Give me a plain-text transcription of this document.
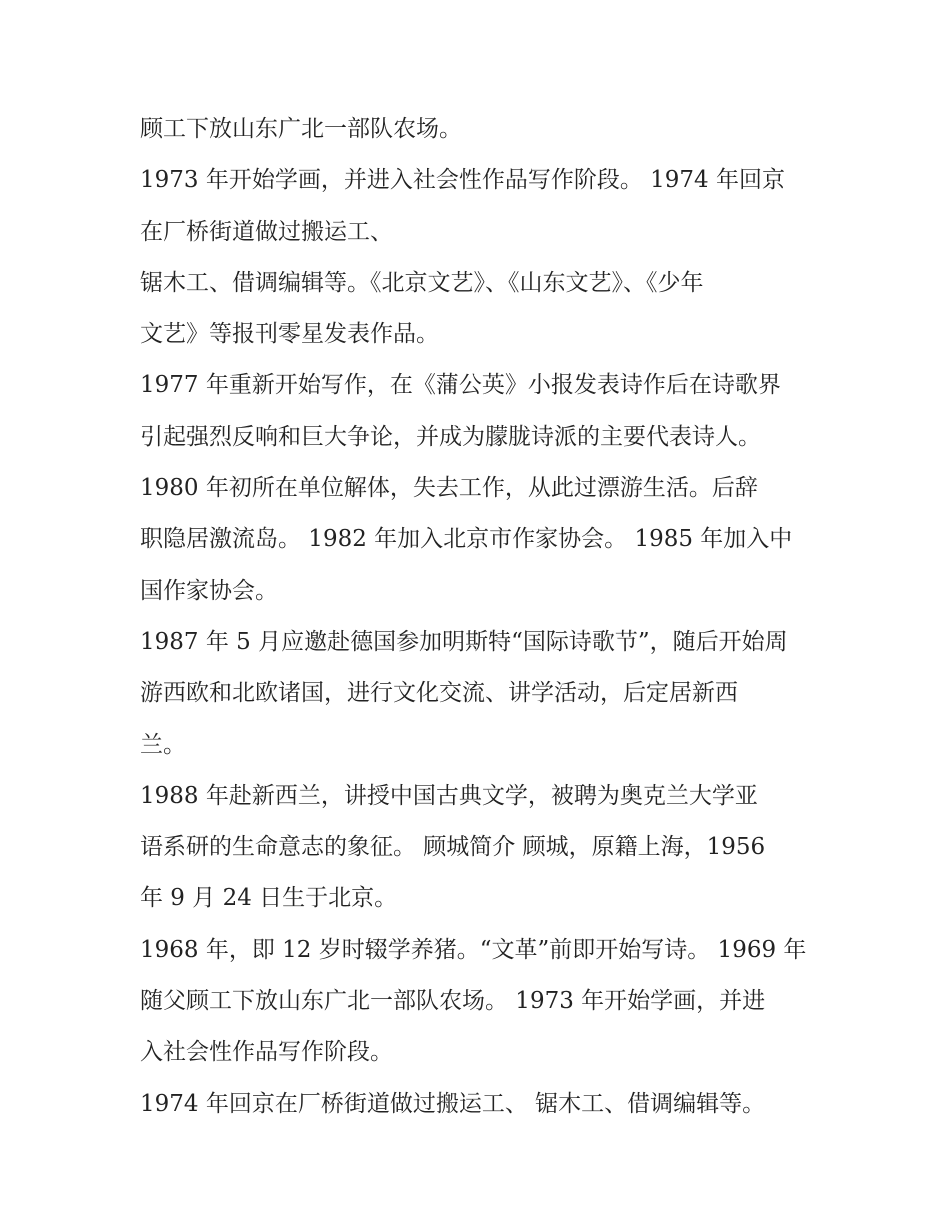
顾工下放山东广北一部队农场。
1973 年开始学画，并进入社会性作品写作阶段。 1974 年回京
在厂桥街道做过搬运工、
锯木工、借调编辑等。《北京文艺》、《山东文艺》、《少年
文艺》等报刊零星发表作品。
1977 年重新开始写作，在《蒲公英》小报发表诗作后在诗歌界
引起强烈反响和巨大争论，并成为朦胧诗派的主要代表诗人。
1980 年初所在单位解体，失去工作，从此过漂游生活。后辞
职隐居激流岛。 1982 年加入北京市作家协会。 1985 年加入中
国作家协会。
1987 年 5 月应邀赴德国参加明斯特“国际诗歌节”，随后开始周
游西欧和北欧诸国，进行文化交流、讲学活动，后定居新西
兰。
1988 年赴新西兰，讲授中国古典文学，被聘为奥克兰大学亚
语系研的生命意志的象征。 顾城简介 顾城，原籍上海，1956
年 9 月 24 日生于北京。
1968 年，即 12 岁时辍学养猪。“文革”前即开始写诗。 1969 年
随父顾工下放山东广北一部队农场。 1973 年开始学画，并进
入社会性作品写作阶段。
1974 年回京在厂桥街道做过搬运工、 锯木工、借调编辑等。
